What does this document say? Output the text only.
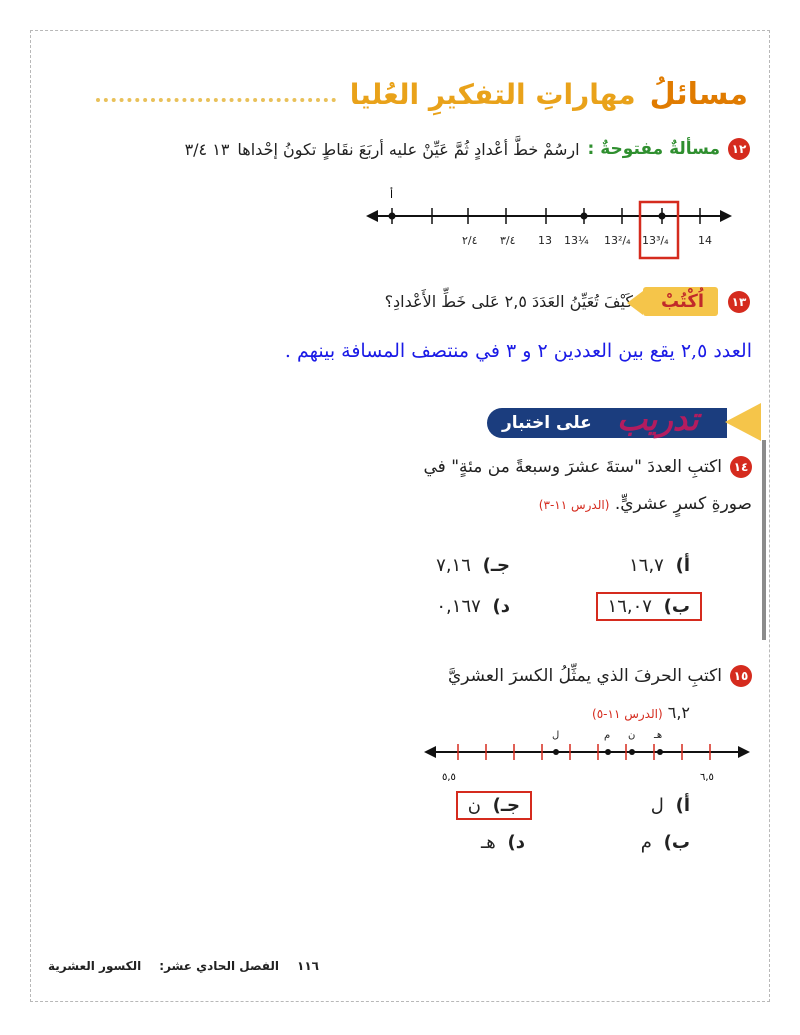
مسائلُ
مهاراتِ التفكيرِ العُليا
١٢
مسألةٌ مفتوحةٌ :
ارسُمْ خطَّ أعْدادٍ ثُمَّ عَيِّنْ عليه أربَعَ نقَاطٍ تكونُ إحْداها
١٣ ٣/٤
أ
٢/٤ ٣/٤ 13 13¼ 13²/₄ 13³/₄	14
١٣
اُكْتُبْ
كَيْفَ تُعَيِّنُ العَدَدَ ٢,٥ عَلى خَطِّ الأَعْدادِ؟
العدد ٢,٥ يقع بين العددين ٢ و ٣ في منتصف المسافة بينهم .
على اختبار تدريب
١٤
اكتبِ العددَ "ستةَ عشرَ وسبعةً من مئةٍ" في
صورةِ كسرٍ عشريٍّ. (الدرس ١١-٣)
أ) ١٦,٧
جـ) ٧,١٦
ب) ١٦,٠٧
د) ٠,١٦٧
١٥
اكتبِ الحرفَ الذي يمثِّلُ الكسرَ العشريَّ
٦,٢ (الدرس ١١-٥)
ل	م ن هـ
٥,٥	٦,٥
أ) ل
جـ) ن
ب) م
د) هـ
١١٦
الفصل الحادي عشر:
الكسور العشرية
